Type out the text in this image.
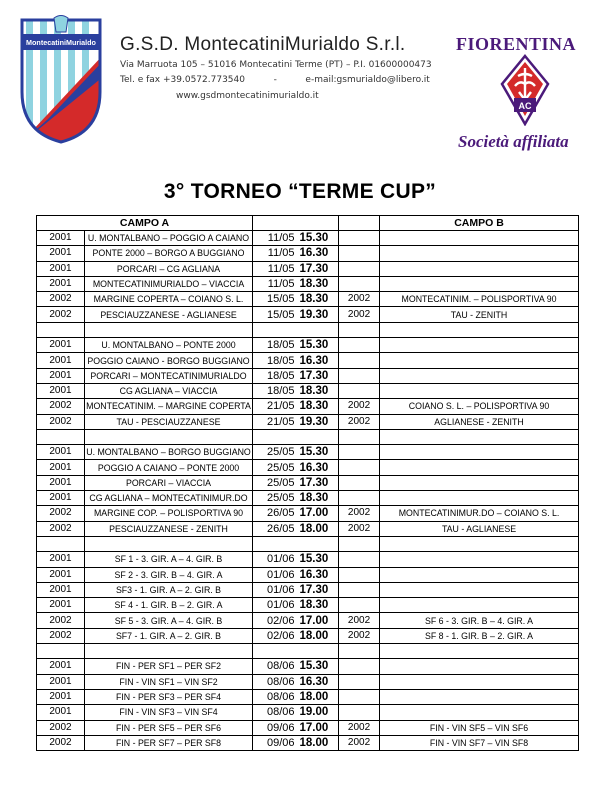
MontecatiniMurialdo G.S.D. MontecatiniMurialdo S.r.l.
Via Marruota 105 – 51016 Montecatini Terme (PT) – P.I. 01600000473
Tel. e fax +39.0572.773540          -          e-mail:gsmurialdo@libero.it
www.gsdmontecatinimurialdo.it
FIORENTINA
AC
Società affiliata
3° TORNEO “TERME CUP”
CAMPO A					CAMPO B
2001	U. MONTALBANO – POGGIO A CAIANO	11/05	15.30		
2001	PONTE 2000 – BORGO A BUGGIANO	11/05	16.30		
2001	PORCARI – CG AGLIANA	11/05	17.30		
2001	MONTECATINIMURIALDO – VIACCIA	11/05	18.30		
2002	MARGINE COPERTA – COIANO S. L.	15/05	18.30	2002	MONTECATINIM. – POLISPORTIVA 90
2002	PESCIAUZZANESE - AGLIANESE	15/05	19.30	2002	TAU - ZENITH

2001	U. MONTALBANO – PONTE 2000	18/05	15.30		
2001	POGGIO CAIANO - BORGO BUGGIANO	18/05	16.30		
2001	PORCARI – MONTECATINIMURIALDO	18/05	17.30		
2001	CG AGLIANA – VIACCIA	18/05	18.30		
2002	MONTECATINIM. – MARGINE COPERTA	21/05	18.30	2002	COIANO S. L. – POLISPORTIVA 90
2002	TAU - PESCIAUZZANESE	21/05	19.30	2002	AGLIANESE - ZENITH

2001	U. MONTALBANO – BORGO BUGGIANO	25/05	15.30		
2001	POGGIO A CAIANO – PONTE 2000	25/05	16.30		
2001	PORCARI – VIACCIA	25/05	17.30		
2001	CG AGLIANA – MONTECATINIMUR.DO	25/05	18.30		
2002	MARGINE COP. – POLISPORTIVA 90	26/05	17.00	2002	MONTECATINIMUR.DO – COIANO S. L.
2002	PESCIAUZZANESE - ZENITH	26/05	18.00	2002	TAU - AGLIANESE

2001	SF 1 - 3. GIR. A – 4. GIR. B	01/06	15.30		
2001	SF 2 - 3. GIR. B – 4. GIR. A	01/06	16.30		
2001	SF3 - 1. GIR. A – 2. GIR. B	01/06	17.30		
2001	SF 4 - 1. GIR. B – 2. GIR. A	01/06	18.30		
2002	SF 5 - 3. GIR. A – 4. GIR. B	02/06	17.00	2002	SF 6 - 3. GIR. B – 4. GIR. A
2002	SF7 - 1. GIR. A – 2. GIR. B	02/06	18.00	2002	SF 8 - 1. GIR. B – 2. GIR. A

2001	FIN - PER SF1 – PER SF2	08/06	15.30		
2001	FIN - VIN SF1 – VIN SF2	08/06	16.30		
2001	FIN - PER SF3 – PER SF4	08/06	18.00		
2001	FIN - VIN SF3 – VIN SF4	08/06	19.00		
2002	FIN - PER SF5 – PER SF6	09/06	17.00	2002	FIN - VIN SF5 – VIN SF6
2002	FIN - PER SF7 – PER SF8	09/06	18.00	2002	FIN - VIN SF7 – VIN SF8
